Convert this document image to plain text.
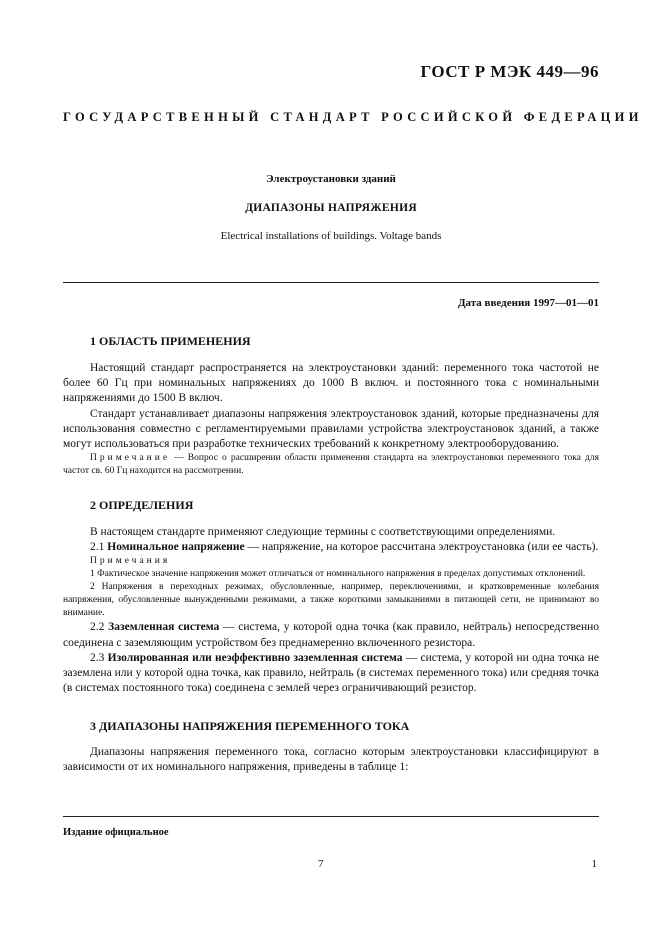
ГОСТ Р МЭК 449—96
ГОСУДАРСТВЕННЫЙ СТАНДАРТ РОССИЙСКОЙ ФЕДЕРАЦИИ
Электроустановки зданий
ДИАПАЗОНЫ НАПРЯЖЕНИЯ
Electrical installations of buildings. Voltage bands
Дата введения 1997—01—01
1 ОБЛАСТЬ ПРИМЕНЕНИЯ

Настоящий стандарт распространяется на электроустановки зданий: переменного тока частотой не более 60 Гц при номинальных напряжениях до 1000 В включ. и постоянного тока с номинальными напряжениями до 1500 В включ.

Стандарт устанавливает диапазоны напряжения электроустановок зданий, которые предназначены для использования совместно с регламентируемыми правилами устройства электроустановок зданий, а также могут использоваться при разработке технических требований к конкретному электрооборудованию.

Примечание — Вопрос о расширении области применения стандарта на электроустановки переменного тока для частот св. 60 Гц находится на рассмотрении.

2 ОПРЕДЕЛЕНИЯ

В настоящем стандарте применяют следующие термины с соответствующими определениями.

2.1 Номинальное напряжение — напряжение, на которое рассчитана электроустановка (или ее часть).

Примечания

1 Фактическое значение напряжения может отличаться от номинального напряжения в пределах допустимых отклонений.

2 Напряжения в переходных режимах, обусловленные, например, переключениями, и кратковременные колебания напряжения, обусловленные вынужденными режимами, а также короткими замыканиями в питающей сети, не принимают во внимание.

2.2 Заземленная система — система, у которой одна точка (как правило, нейтраль) непосредственно соединена с заземляющим устройством без преднамеренно включенного резистора.

2.3 Изолированная или неэффективно заземленная система — система, у которой ни одна точка не заземлена или у которой одна точка, как правило, нейтраль (в системах переменного тока) или средняя точка (в системах постоянного тока) соединена с землей через ограничивающий резистор.

3 ДИАПАЗОНЫ НАПРЯЖЕНИЯ ПЕРЕМЕННОГО ТОКА

Диапазоны напряжения переменного тока, согласно которым электроустановки классифицируют в зависимости от их номинального напряжения, приведены в таблице 1:

Издание официальное
7	1
